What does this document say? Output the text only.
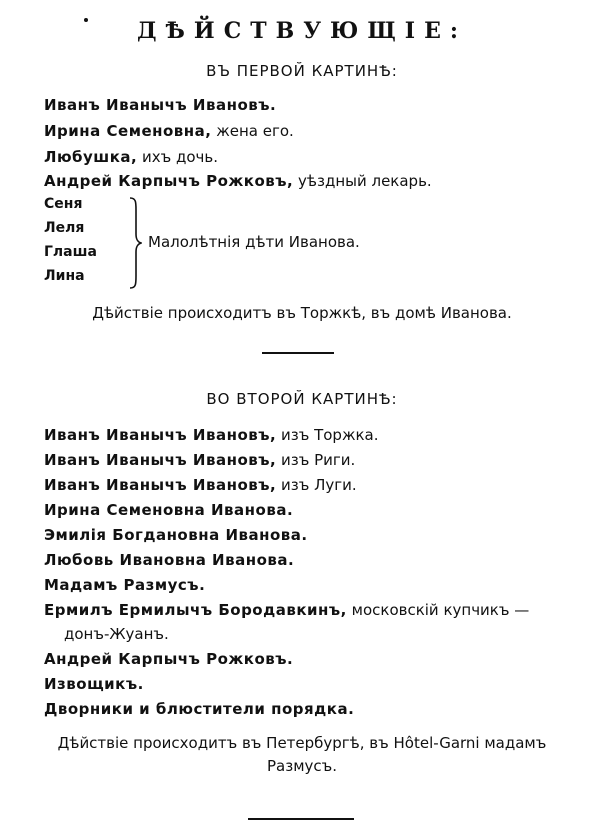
ДѢЙСТВУЮЩІЕ:
ВЪ ПЕРВОЙ КАРТИНѢ:
Иванъ Иванычъ Ивановъ.
Ирина Семеновна, жена его.
Любушка, ихъ дочь.
Андрей Карпычъ Рожковъ, уѣздный лекарь.
Сеня
Леля
Глаша
Лина
Малолѣтнія дѣти Иванова.
Дѣйствіе происходитъ въ Торжкѣ, въ домѣ Иванова.
ВО ВТОРОЙ КАРТИНѢ:
Иванъ Иванычъ Ивановъ, изъ Торжка.
Иванъ Иванычъ Ивановъ, изъ Риги.
Иванъ Иванычъ Ивановъ, изъ Луги.
Ирина Семеновна Иванова.
Эмилія Богдановна Иванова.
Любовь Ивановна Иванова.
Мадамъ Размусъ.
Ермилъ Ермилычъ Бородавкинъ, московскій купчикъ —
донъ-Жуанъ.
Андрей Карпычъ Рожковъ.
Извощикъ.
Дворники и блюстители порядка.
Дѣйствіе происходитъ въ Петербургѣ, въ Hôtel-Garni мадамъ
Размусъ.
